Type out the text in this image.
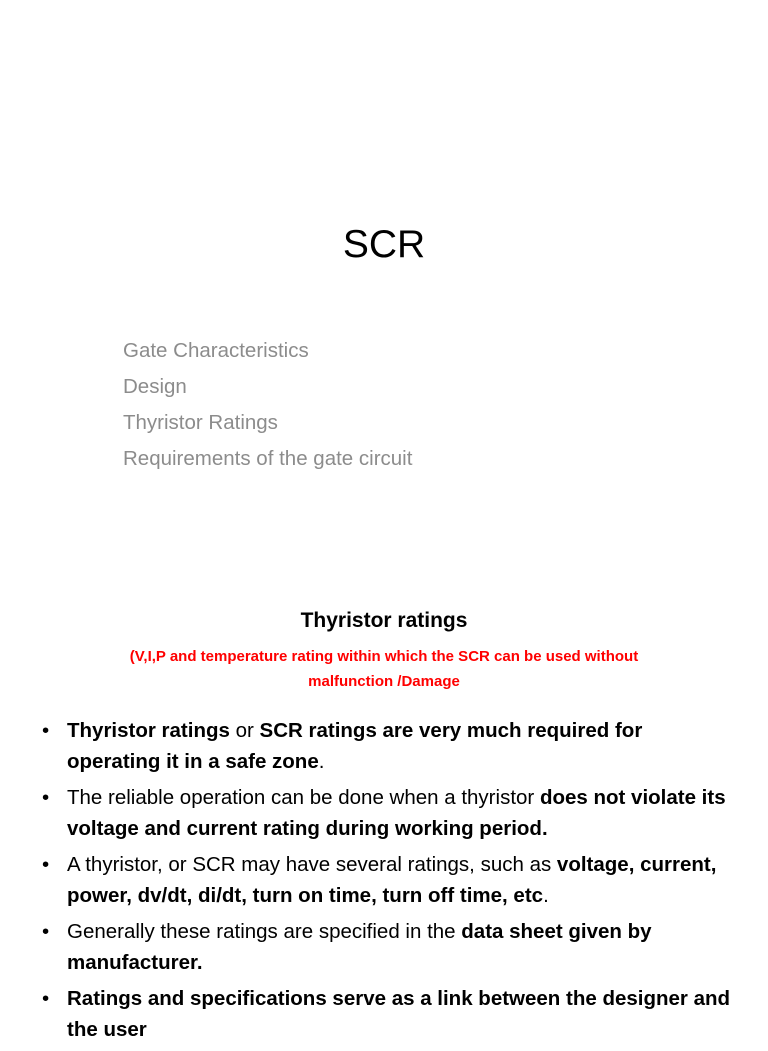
SCR
Gate Characteristics
Design
Thyristor Ratings
Requirements of the gate circuit
Thyristor ratings
(V,I,P and temperature rating within which the SCR can be used without
malfunction /Damage
• Thyristor ratings or SCR ratings are very much required for operating it in a safe zone.
• The reliable operation can be done when a thyristor does not violate its voltage and current rating during working period.
• A thyristor, or SCR may have several ratings, such as voltage, current, power, dv/dt, di/dt, turn on time, turn off time, etc.
• Generally these ratings are specified in the data sheet given by manufacturer.
• Ratings and specifications serve as a link between the designer and the user
